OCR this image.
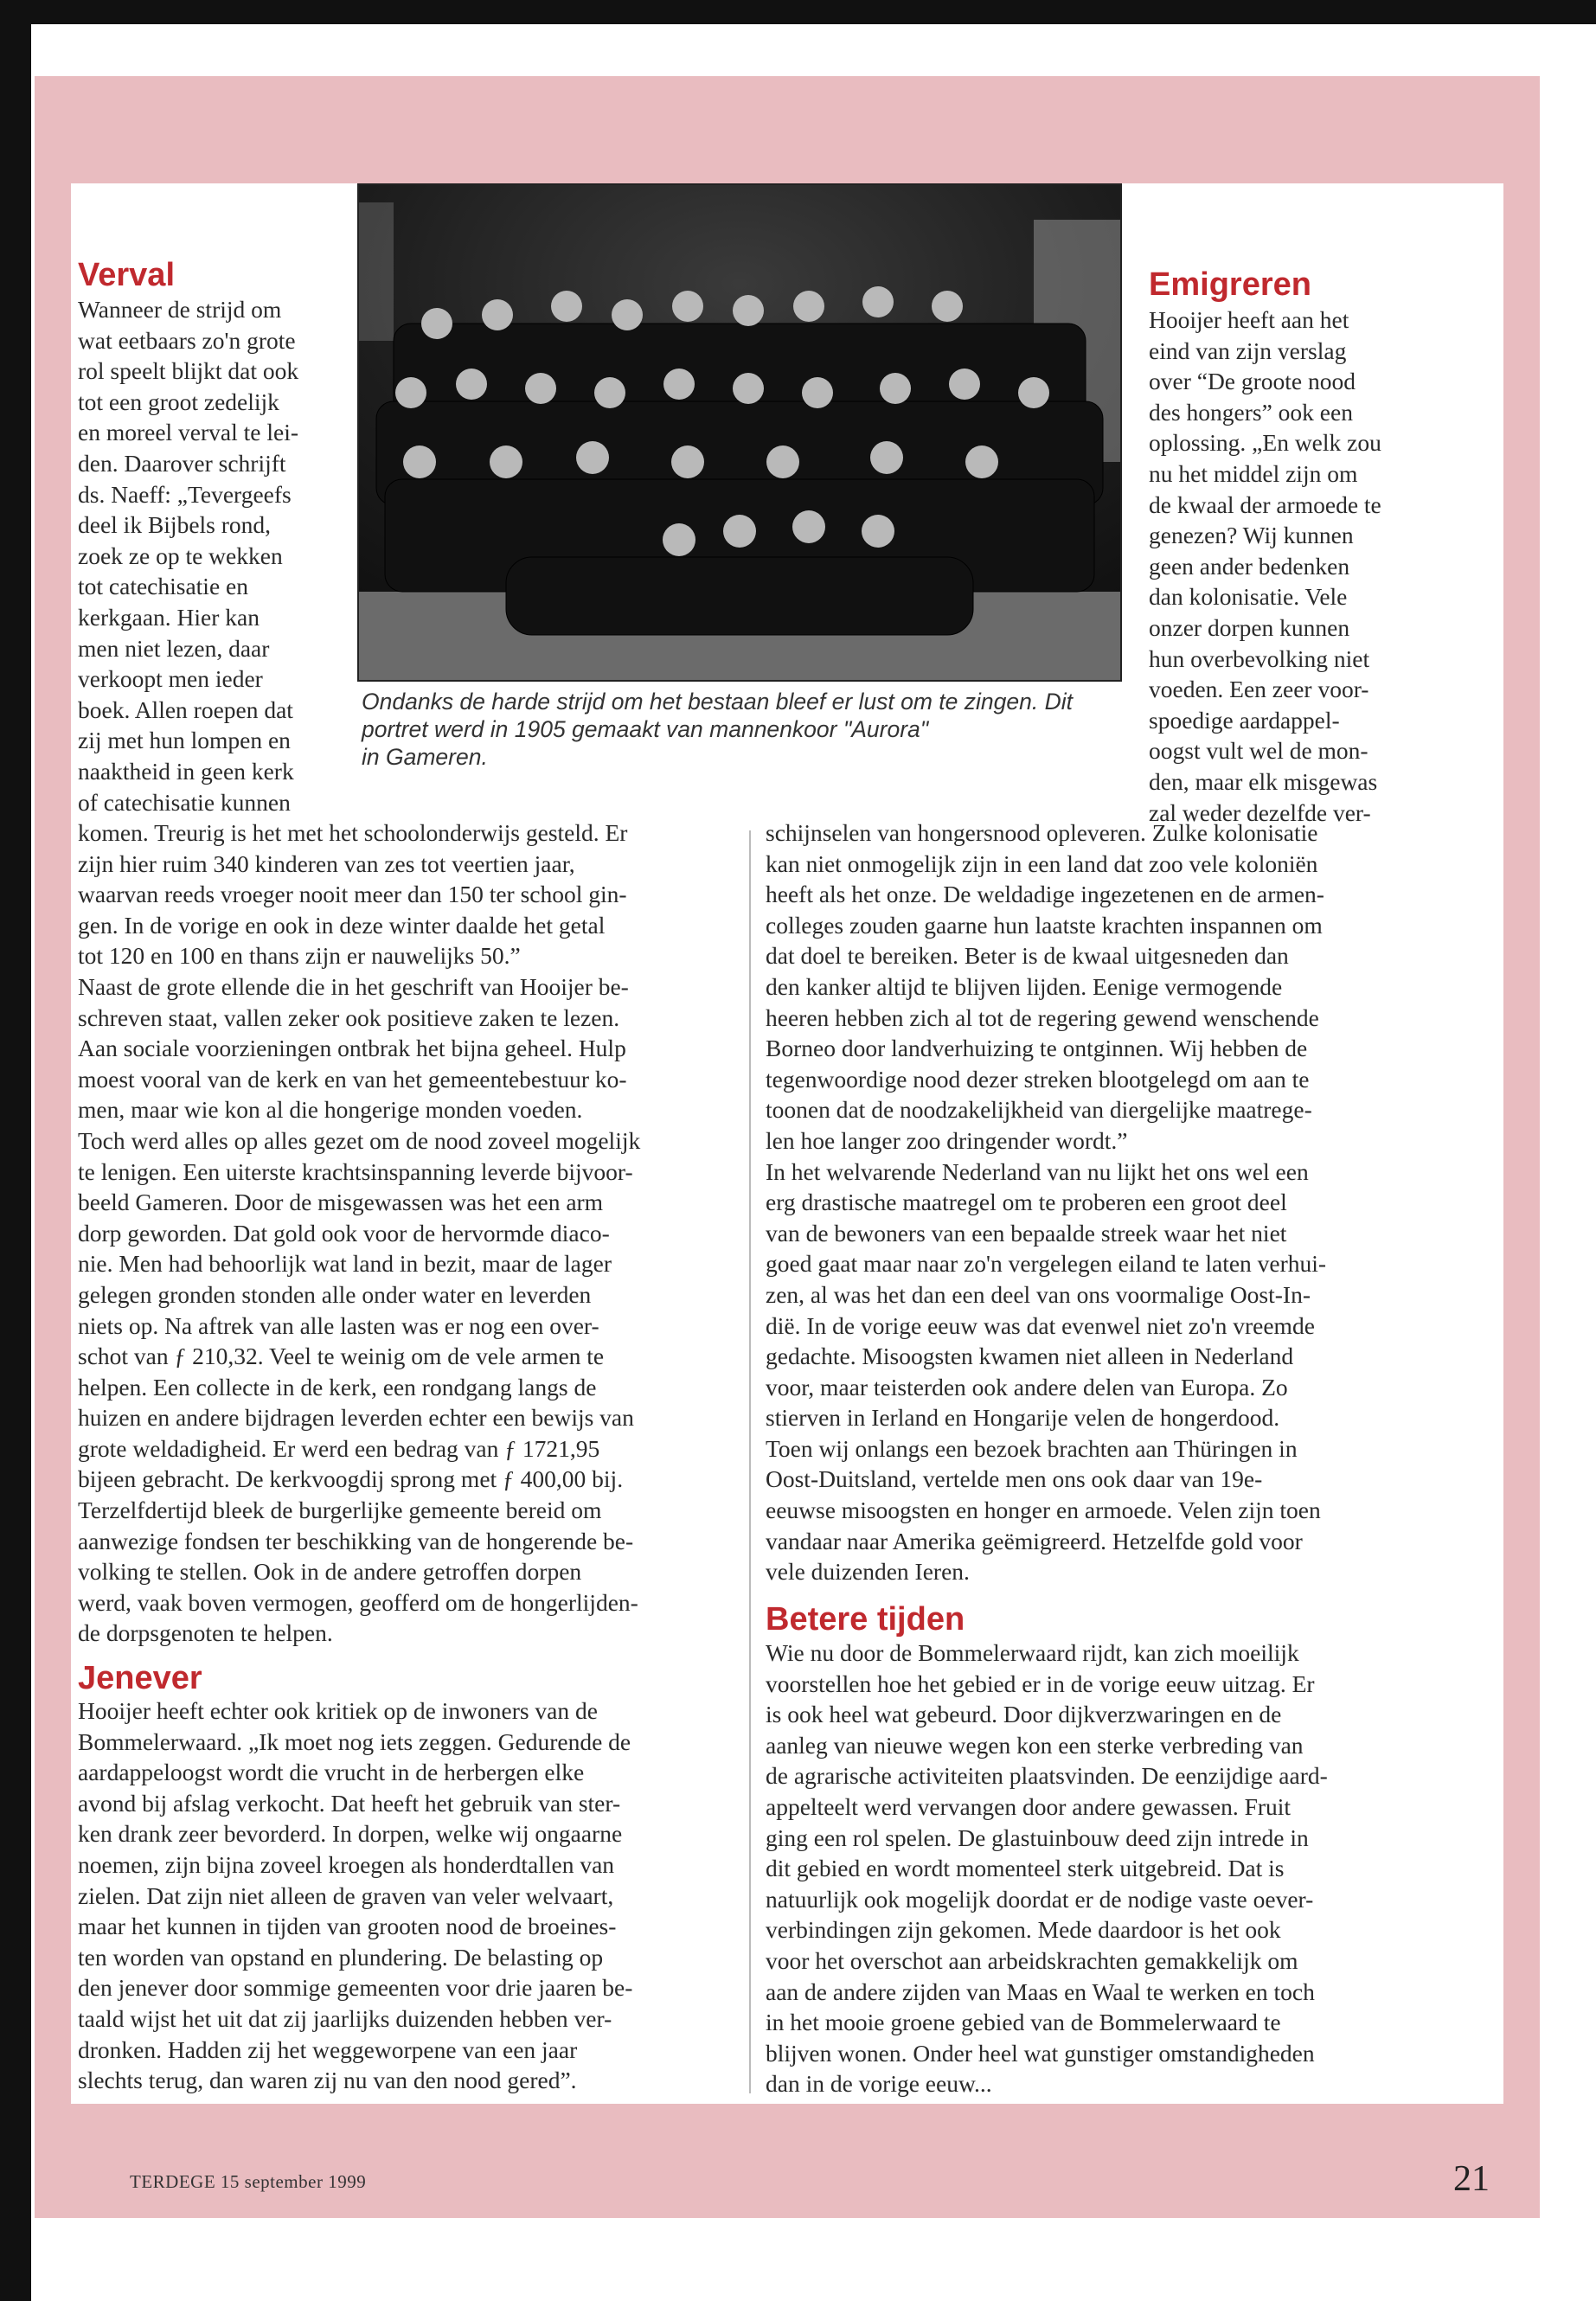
Ondanks de harde strijd om het bestaan bleef er lust om te zingen. Dit
portret werd in 1905 gemaakt van mannenkoor "Aurora"
in Gameren.
Verval
Wanneer de strijd om
wat eetbaars zo'n grote
rol speelt blijkt dat ook
tot een groot zedelijk
en moreel verval te lei-
den. Daarover schrijft
ds. Naeff: „Tevergeefs
deel ik Bijbels rond,
zoek ze op te wekken
tot catechisatie en
kerkgaan. Hier kan
men niet lezen, daar
verkoopt men ieder
boek. Allen roepen dat
zij met hun lompen en
naaktheid in geen kerk
of catechisatie kunnen
komen. Treurig is het met het schoolonderwijs gesteld. Er
zijn hier ruim 340 kinderen van zes tot veertien jaar,
waarvan reeds vroeger nooit meer dan 150 ter school gin-
gen. In de vorige en ook in deze winter daalde het getal
tot 120 en 100 en thans zijn er nauwelijks 50.”
Naast de grote ellende die in het geschrift van Hooijer be-
schreven staat, vallen zeker ook positieve zaken te lezen.
Aan sociale voorzieningen ontbrak het bijna geheel. Hulp
moest vooral van de kerk en van het gemeentebestuur ko-
men, maar wie kon al die hongerige monden voeden.
Toch werd alles op alles gezet om de nood zoveel mogelijk
te lenigen. Een uiterste krachtsinspanning leverde bijvoor-
beeld Gameren. Door de misgewassen was het een arm
dorp geworden. Dat gold ook voor de hervormde diaco-
nie. Men had behoorlijk wat land in bezit, maar de lager
gelegen gronden stonden alle onder water en leverden
niets op. Na aftrek van alle lasten was er nog een over-
schot van ƒ 210,32. Veel te weinig om de vele armen te
helpen. Een collecte in de kerk, een rondgang langs de
huizen en andere bijdragen leverden echter een bewijs van
grote weldadigheid. Er werd een bedrag van ƒ 1721,95
bijeen gebracht. De kerkvoogdij sprong met ƒ 400,00 bij.
Terzelfdertijd bleek de burgerlijke gemeente bereid om
aanwezige fondsen ter beschikking van de hongerende be-
volking te stellen. Ook in de andere getroffen dorpen
werd, vaak boven vermogen, geofferd om de hongerlijden-
de dorpsgenoten te helpen.
Jenever
Hooijer heeft echter ook kritiek op de inwoners van de
Bommelerwaard. „Ik moet nog iets zeggen. Gedurende de
aardappeloogst wordt die vrucht in de herbergen elke
avond bij afslag verkocht. Dat heeft het gebruik van ster-
ken drank zeer bevorderd. In dorpen, welke wij ongaarne
noemen, zijn bijna zoveel kroegen als honderdtallen van
zielen. Dat zijn niet alleen de graven van veler welvaart,
maar het kunnen in tijden van grooten nood de broeines-
ten worden van opstand en plundering. De belasting op
den jenever door sommige gemeenten voor drie jaaren be-
taald wijst het uit dat zij jaarlijks duizenden hebben ver-
dronken. Hadden zij het weggeworpene van een jaar
slechts terug, dan waren zij nu van den nood gered”.
Emigreren
Hooijer heeft aan het
eind van zijn verslag
over “De groote nood
des hongers” ook een
oplossing. „En welk zou
nu het middel zijn om
de kwaal der armoede te
genezen? Wij kunnen
geen ander bedenken
dan kolonisatie. Vele
onzer dorpen kunnen
hun overbevolking niet
voeden. Een zeer voor-
spoedige aardappel-
oogst vult wel de mon-
den, maar elk misgewas
zal weder dezelfde ver-
schijnselen van hongersnood opleveren. Zulke kolonisatie
kan niet onmogelijk zijn in een land dat zoo vele koloniën
heeft als het onze. De weldadige ingezetenen en de armen-
colleges zouden gaarne hun laatste krachten inspannen om
dat doel te bereiken. Beter is de kwaal uitgesneden dan
den kanker altijd te blijven lijden. Eenige vermogende
heeren hebben zich al tot de regering gewend wenschende
Borneo door landverhuizing te ontginnen. Wij hebben de
tegenwoordige nood dezer streken blootgelegd om aan te
toonen dat de noodzakelijkheid van diergelijke maatrege-
len hoe langer zoo dringender wordt.”
In het welvarende Nederland van nu lijkt het ons wel een
erg drastische maatregel om te proberen een groot deel
van de bewoners van een bepaalde streek waar het niet
goed gaat maar naar zo'n vergelegen eiland te laten verhui-
zen, al was het dan een deel van ons voormalige Oost-In-
dië. In de vorige eeuw was dat evenwel niet zo'n vreemde
gedachte. Misoogsten kwamen niet alleen in Nederland
voor, maar teisterden ook andere delen van Europa. Zo
stierven in Ierland en Hongarije velen de hongerdood.
Toen wij onlangs een bezoek brachten aan Thüringen in
Oost-Duitsland, vertelde men ons ook daar van 19e-
eeuwse misoogsten en honger en armoede. Velen zijn toen
vandaar naar Amerika geëmigreerd. Hetzelfde gold voor
vele duizenden Ieren.
Betere tijden
Wie nu door de Bommelerwaard rijdt, kan zich moeilijk
voorstellen hoe het gebied er in de vorige eeuw uitzag. Er
is ook heel wat gebeurd. Door dijkverzwaringen en de
aanleg van nieuwe wegen kon een sterke verbreding van
de agrarische activiteiten plaatsvinden. De eenzijdige aard-
appelteelt werd vervangen door andere gewassen. Fruit
ging een rol spelen. De glastuinbouw deed zijn intrede in
dit gebied en wordt momenteel sterk uitgebreid. Dat is
natuurlijk ook mogelijk doordat er de nodige vaste oever-
verbindingen zijn gekomen. Mede daardoor is het ook
voor het overschot aan arbeidskrachten gemakkelijk om
aan de andere zijden van Maas en Waal te werken en toch
in het mooie groene gebied van de Bommelerwaard te
blijven wonen. Onder heel wat gunstiger omstandigheden
dan in de vorige eeuw...
TERDEGE 15 september 1999	21
